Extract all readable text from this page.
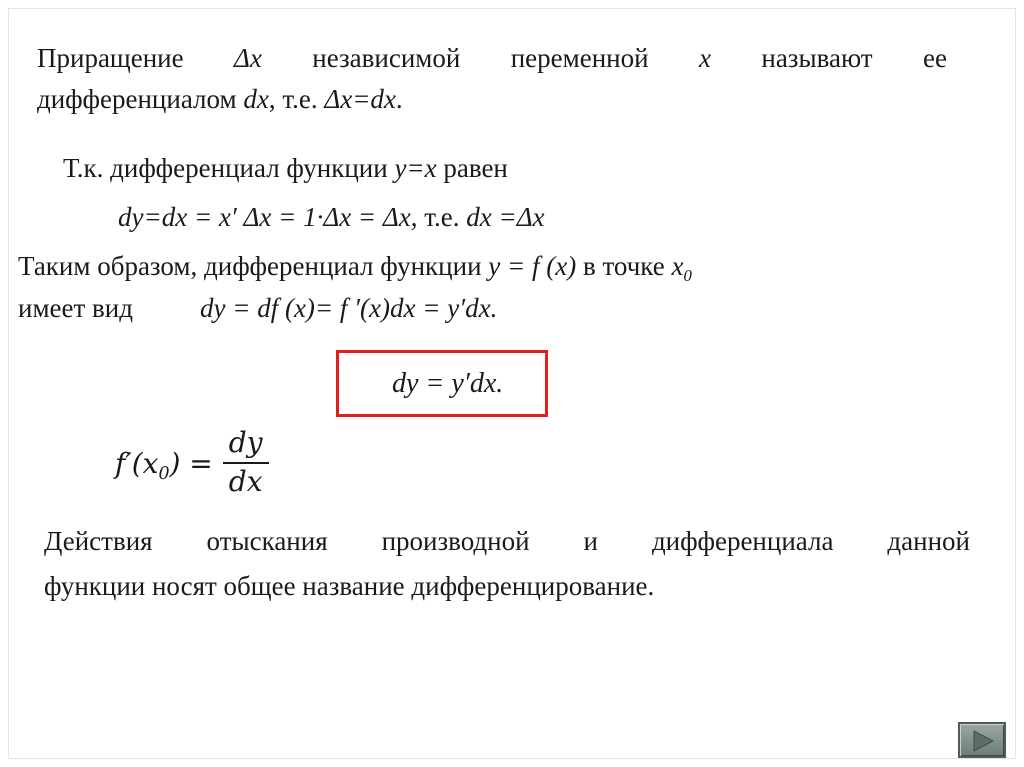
Приращение Δx независимой переменной x называют ее
дифференциалом dx, т.е. Δx=dx.
Т.к. дифференциал функции y=x равен
dy=dx = x′ Δx = 1·Δx = Δx, т.е. dx =Δx
Таким образом, дифференциал функции y = f (x) в точке $x_0$
имеет вид dy = df (x)= f ′(x)dx = y′dx.
dy = y′dx.
$f'(x_0) = \frac{dy}{dx}$
Действия отыскания производной и дифференциала данной
функции носят общее название дифференцирование.
